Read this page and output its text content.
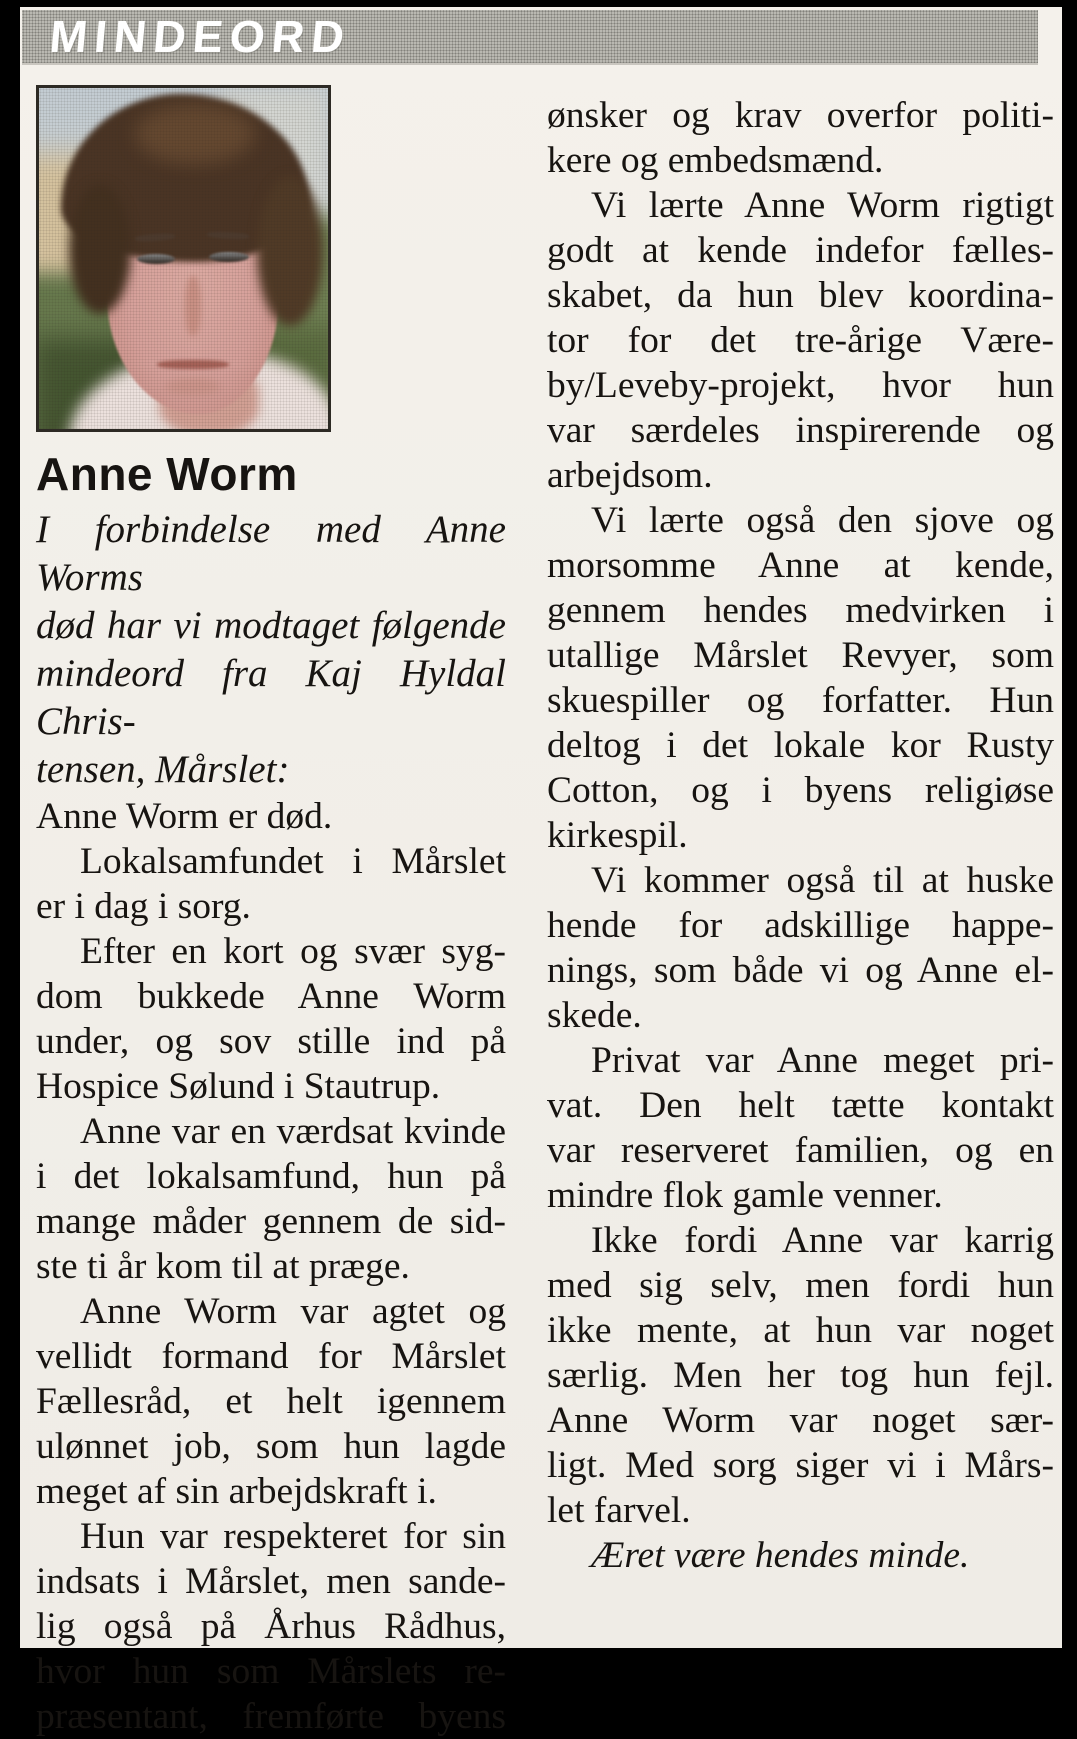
MINDEORD
Anne Worm
I forbindelse med Anne Worms
død har vi modtaget følgende
mindeord fra Kaj Hyldal Chris-
tensen, Mårslet:
Anne Worm er død.
Lokalsamfundet i Mårslet
er i dag i sorg.
Efter en kort og svær syg-
dom bukkede Anne Worm
under, og sov stille ind på
Hospice Sølund i Stautrup.
Anne var en værdsat kvinde
i det lokalsamfund, hun på
mange måder gennem de sid-
ste ti år kom til at præge.
Anne Worm var agtet og
vellidt formand for Mårslet
Fællesråd, et helt igennem
ulønnet job, som hun lagde
meget af sin arbejdskraft i.
Hun var respekteret for sin
indsats i Mårslet, men sande-
lig også på Århus Rådhus,
hvor hun som Mårslets re-
præsentant, fremførte byens
ønsker og krav overfor politi-
kere og embedsmænd.
Vi lærte Anne Worm rigtigt
godt at kende indefor fælles-
skabet, da hun blev koordina-
tor for det tre-årige Være-
by/Leveby-projekt, hvor hun
var særdeles inspirerende og
arbejdsom.
Vi lærte også den sjove og
morsomme Anne at kende,
gennem hendes medvirken i
utallige Mårslet Revyer, som
skuespiller og forfatter. Hun
deltog i det lokale kor Rusty
Cotton, og i byens religiøse
kirkespil.
Vi kommer også til at huske
hende for adskillige happe-
nings, som både vi og Anne el-
skede.
Privat var Anne meget pri-
vat. Den helt tætte kontakt
var reserveret familien, og en
mindre flok gamle venner.
Ikke fordi Anne var karrig
med sig selv, men fordi hun
ikke mente, at hun var noget
særlig. Men her tog hun fejl.
Anne Worm var noget sær-
ligt. Med sorg siger vi i Mårs-
let farvel.
Æret være hendes minde.
